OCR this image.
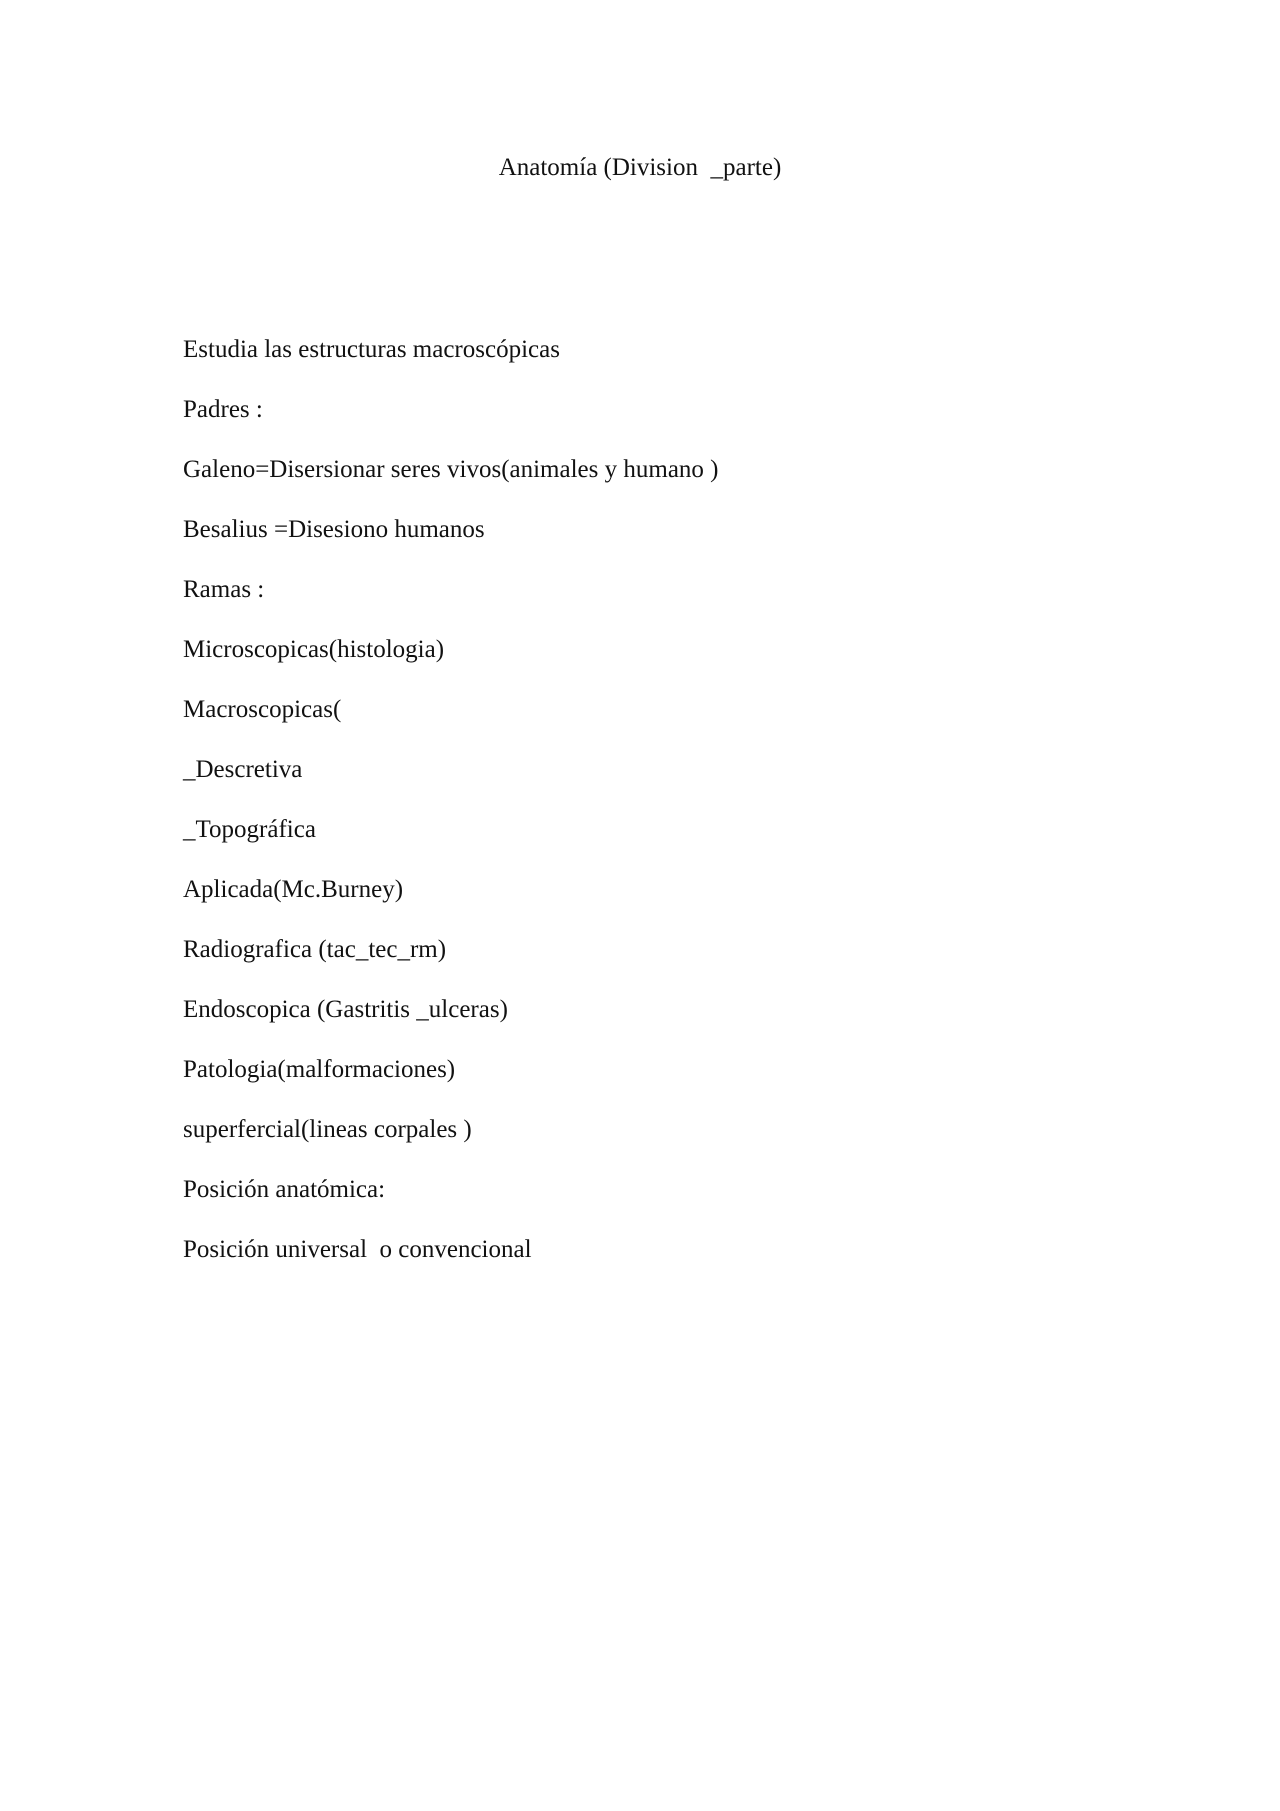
Anatomía (Division  _parte)
Estudia las estructuras macroscópicas
Padres :
Galeno=Disersionar seres vivos(animales y humano )
Besalius =Disesiono humanos
Ramas :
Microscopicas(histologia)
Macroscopicas(
_Descretiva
_Topográfica
Aplicada(Mc.Burney)
Radiografica (tac_tec_rm)
Endoscopica (Gastritis _ulceras)
Patologia(malformaciones)
superfercial(lineas corpales )
Posición anatómica:
Posición universal  o convencional
